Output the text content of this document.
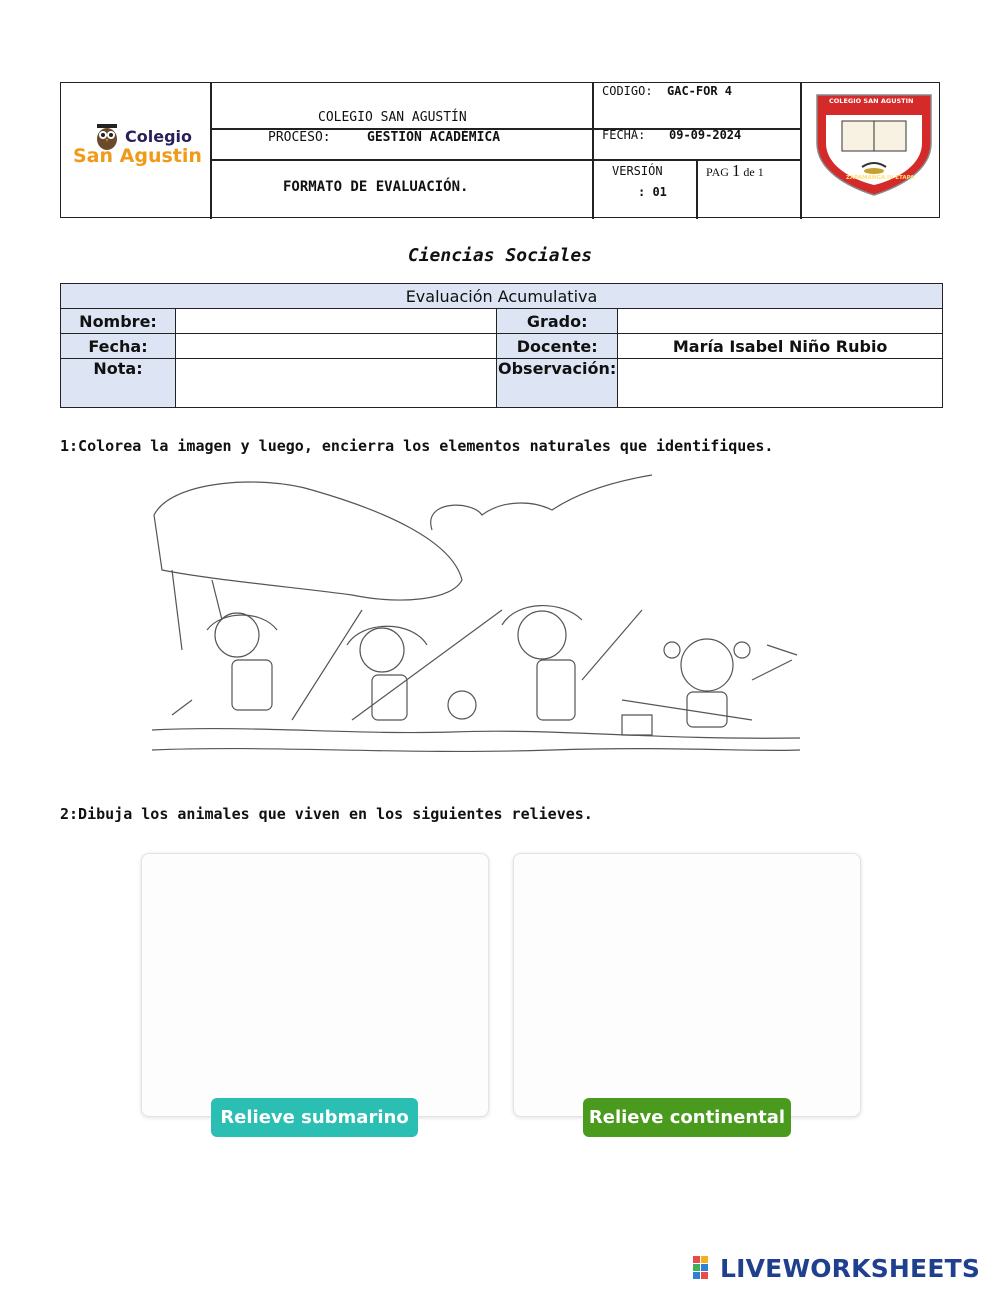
Colegio
San Agustin
COLEGIO SAN AGUSTÍN
PROCESO:	GESTIÓN ACADÉMICA
FORMATO DE EVALUACIÓN.
CODIGO: GAC-FOR 4
FECHA: 09-09-2024
VERSIÓN
: 01
PAG 1 de 1
COLEGIO SAN AGUSTIN
ZAPAMANGA IV ETAPA
Ciencias Sociales
Evaluación Acumulativa			
Nombre:		Grado:	
Fecha:		Docente:	María Isabel Niño Rubio
Nota:		Observación:	
1:Colorea la imagen y luego, encierra los elementos naturales que identifiques.
2:Dibuja los animales que viven en los siguientes relieves.
Relieve submarino	Relieve continental
LIVEWORKSHEETS
